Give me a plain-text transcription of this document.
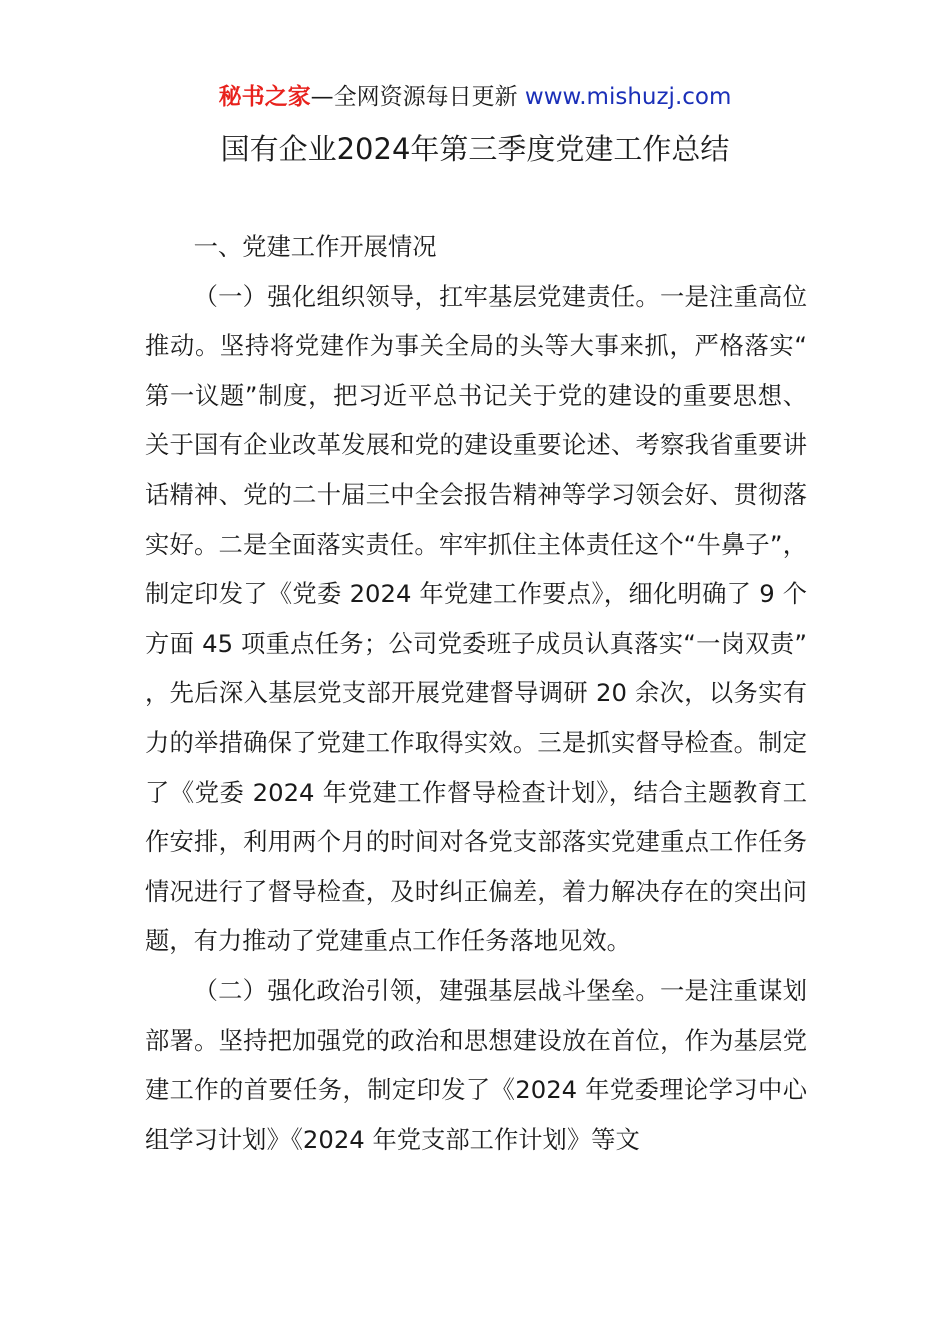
秘书之家—全网资源每日更新 www.mishuzj.com
国有企业2024年第三季度党建工作总结

一、党建工作开展情况

（一）强化组织领导，扛牢基层党建责任。一是注重高位推动。坚持将党建作为事关全局的头等大事来抓，严格落实“第一议题”制度，把习近平总书记关于党的建设的重要思想、关于国有企业改革发展和党的建设重要论述、考察我省重要讲话精神、党的二十届三中全会报告精神等学习领会好、贯彻落实好。二是全面落实责任。牢牢抓住主体责任这个“牛鼻子”，制定印发了《党委 2024 年党建工作要点》，细化明确了 9 个方面 45 项重点任务；公司党委班子成员认真落实“一岗双责”，先后深入基层党支部开展党建督导调研 20 余次，以务实有力的举措确保了党建工作取得实效。三是抓实督导检查。制定了《党委 2024 年党建工作督导检查计划》，结合主题教育工作安排，利用两个月的时间对各党支部落实党建重点工作任务情况进行了督导检查，及时纠正偏差，着力解决存在的突出问题，有力推动了党建重点工作任务落地见效。

（二）强化政治引领，建强基层战斗堡垒。一是注重谋划部署。坚持把加强党的政治和思想建设放在首位，作为基层党建工作的首要任务，制定印发了《2024 年党委理论学习中心组学习计划》《2024 年党支部工作计划》等文
